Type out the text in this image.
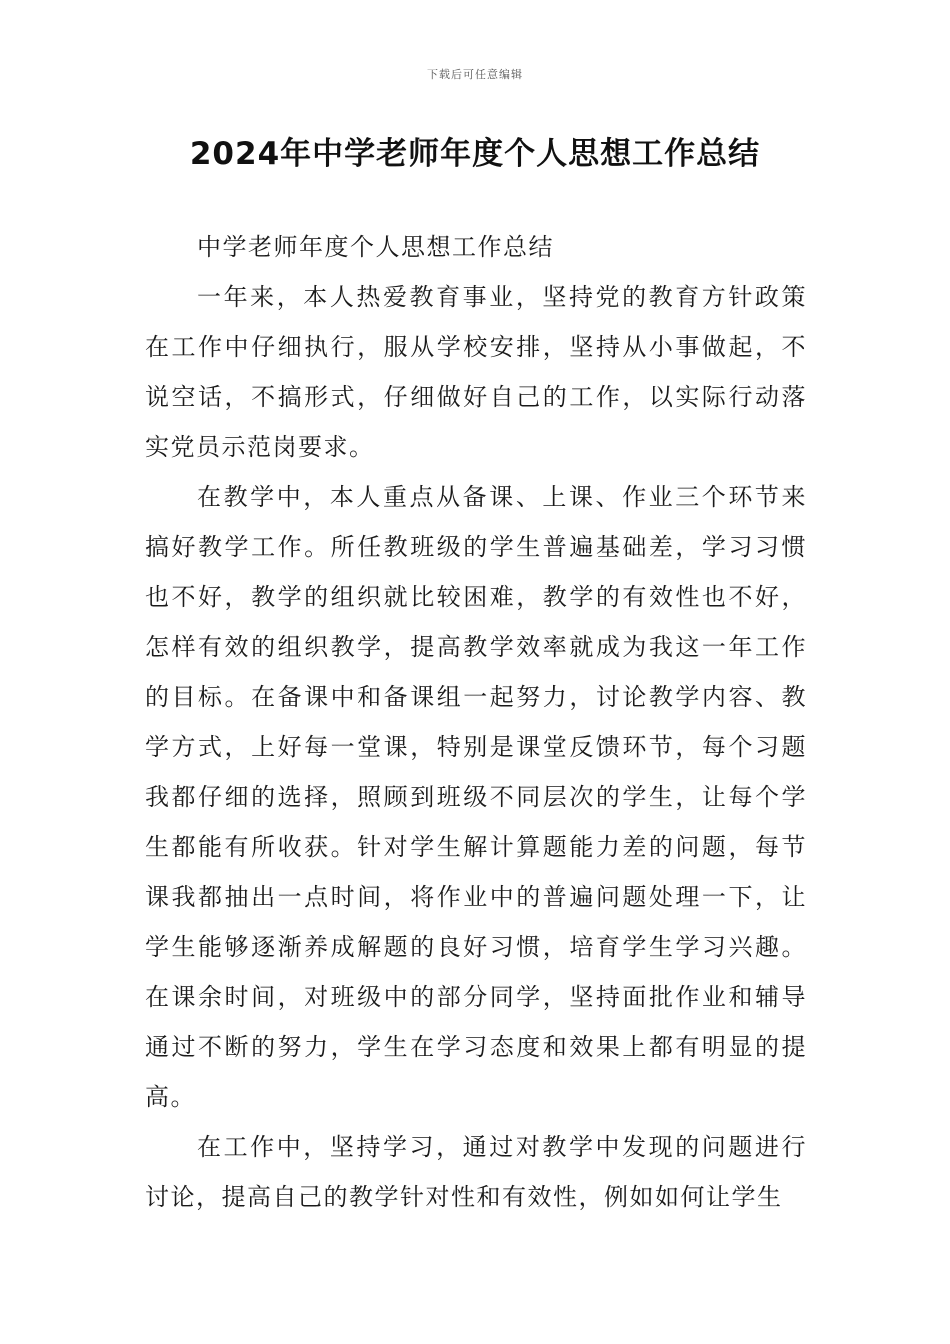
下载后可任意编辑
2024年中学老师年度个人思想工作总结

中学老师年度个人思想工作总结

一年来，本人热爱教育事业，坚持党的教育方针政策在工作中仔细执行，服从学校安排，坚持从小事做起，不说空话，不搞形式，仔细做好自己的工作，以实际行动落实党员示范岗要求。

在教学中，本人重点从备课、上课、作业三个环节来搞好教学工作。所任教班级的学生普遍基础差，学习习惯也不好，教学的组织就比较困难，教学的有效性也不好，怎样有效的组织教学，提高教学效率就成为我这一年工作的目标。在备课中和备课组一起努力，讨论教学内容、教学方式，上好每一堂课，特别是课堂反馈环节，每个习题我都仔细的选择，照顾到班级不同层次的学生，让每个学生都能有所收获。针对学生解计算题能力差的问题，每节课我都抽出一点时间，将作业中的普遍问题处理一下，让学生能够逐渐养成解题的良好习惯，培育学生学习兴趣。在课余时间，对班级中的部分同学，坚持面批作业和辅导通过不断的努力，学生在学习态度和效果上都有明显的提高。

在工作中，坚持学习，通过对教学中发现的问题进行讨论，提高自己的教学针对性和有效性，例如如何让学生
